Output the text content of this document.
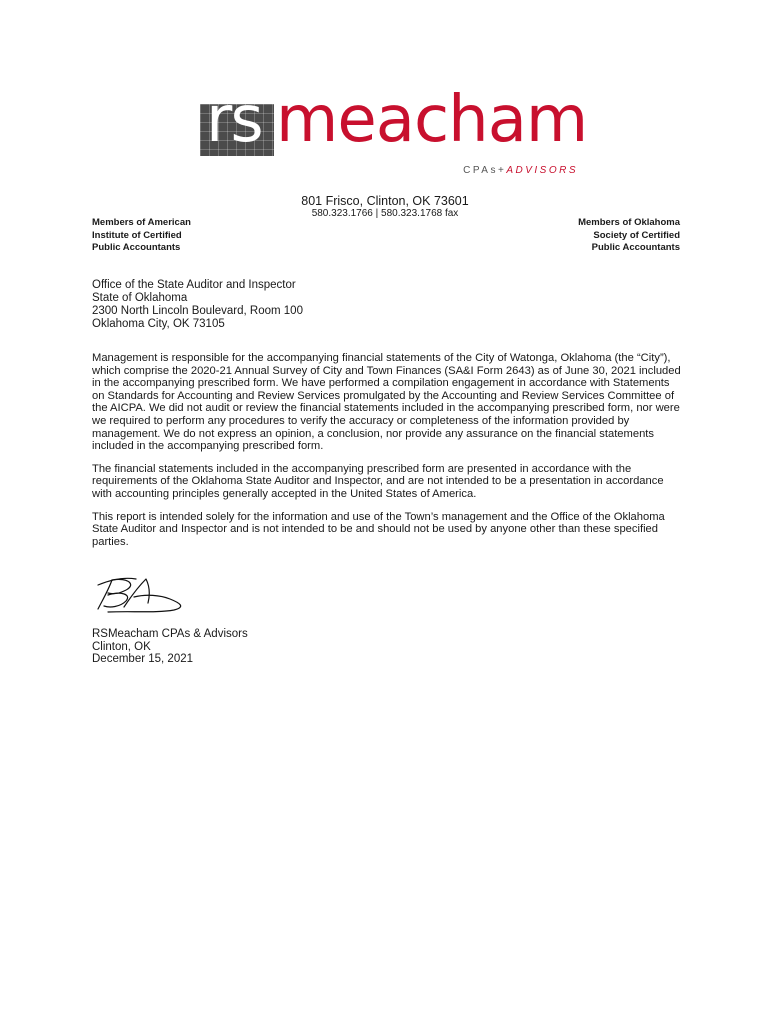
rs meacham
CPAs+ADVISORS
801 Frisco, Clinton, OK 73601
580.323.1766 | 580.323.1768 fax
Members of American
Institute of Certified
Public Accountants
Members of Oklahoma
Society of Certified
Public Accountants
Office of the State Auditor and Inspector
State of Oklahoma
2300 North Lincoln Boulevard, Room 100
Oklahoma City, OK 73105

Management is responsible for the accompanying financial statements of the City of Watonga, Oklahoma (the “City”), which comprise the 2020-21 Annual Survey of City and Town Finances (SA&I Form 2643) as of June 30, 2021 included in the accompanying prescribed form. We have performed a compilation engagement in accordance with Statements on Standards for Accounting and Review Services promulgated by the Accounting and Review Services Committee of the AICPA. We did not audit or review the financial statements included in the accompanying prescribed form, nor were we required to perform any procedures to verify the accuracy or completeness of the information provided by management. We do not express an opinion, a conclusion, nor provide any assurance on the financial statements included in the accompanying prescribed form.

The financial statements included in the accompanying prescribed form are presented in accordance with the requirements of the Oklahoma State Auditor and Inspector, and are not intended to be a presentation in accordance with accounting principles generally accepted in the United States of America.

This report is intended solely for the information and use of the Town’s management and the Office of the Oklahoma State Auditor and Inspector and is not intended to be and should not be used by anyone other than these specified parties.

RSMeacham CPAs & Advisors
Clinton, OK
December 15, 2021
